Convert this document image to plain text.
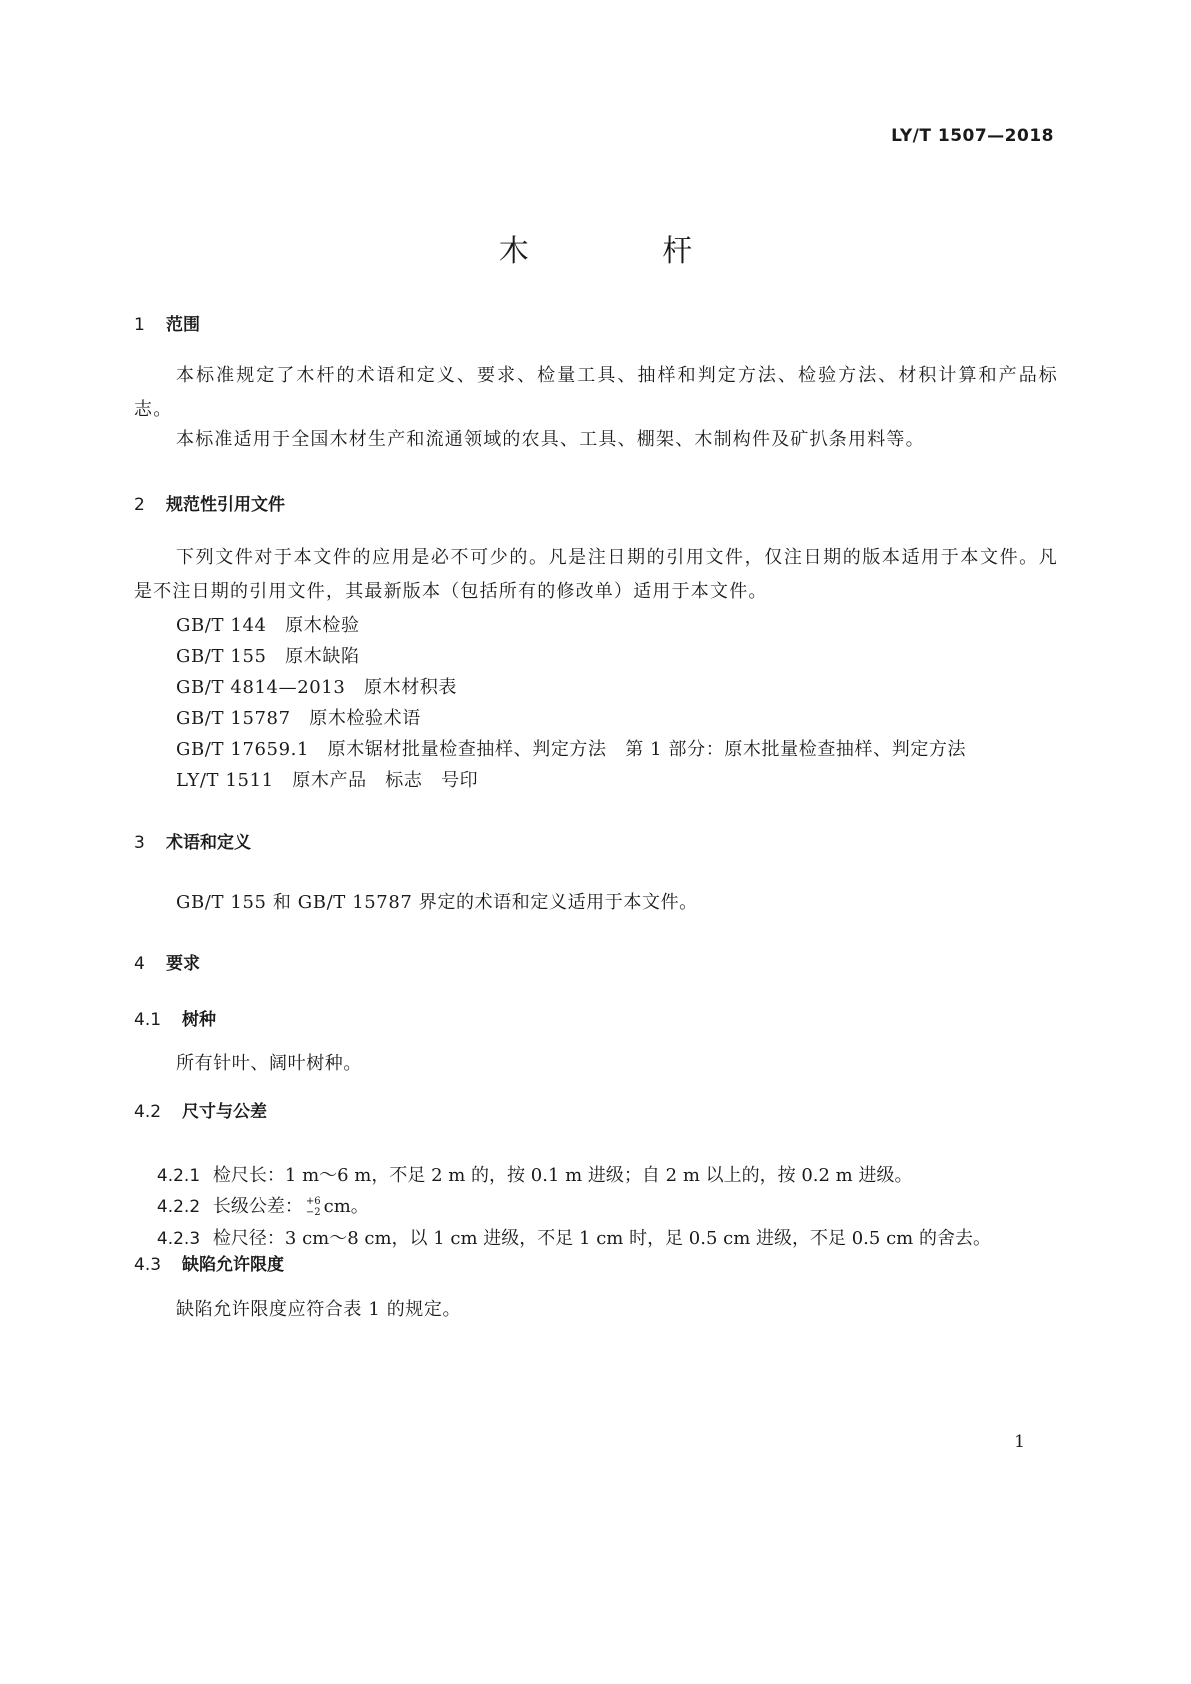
LY/T 1507—2018
木 杆
1 范围
本标准规定了木杆的术语和定义、要求、检量工具、抽样和判定方法、检验方法、材积计算和产品标志。
本标准适用于全国木材生产和流通领域的农具、工具、棚架、木制构件及矿扒条用料等。
2 规范性引用文件
下列文件对于本文件的应用是必不可少的。凡是注日期的引用文件，仅注日期的版本适用于本文件。凡是不注日期的引用文件，其最新版本（包括所有的修改单）适用于本文件。
GB/T 144　原木检验
GB/T 155　原木缺陷
GB/T 4814—2013　原木材积表
GB/T 15787　原木检验术语
GB/T 17659.1　原木锯材批量检查抽样、判定方法　第 1 部分：原木批量检查抽样、判定方法
LY/T 1511　原木产品　标志　号印
3 术语和定义
GB/T 155 和 GB/T 15787 界定的术语和定义适用于本文件。
4 要求
4.1 树种
所有针叶、阔叶树种。
4.2 尺寸与公差

4.2.1 检尺长：1 m～6 m，不足 2 m 的，按 0.1 m 进级；自 2 m 以上的，按 0.2 m 进级。

4.2.2 长级公差： +6
−2 cm。

4.2.3 检尺径：3 cm～8 cm，以 1 cm 进级，不足 1 cm 时，足 0.5 cm 进级，不足 0.5 cm 的舍去。

4.3 缺陷允许限度
缺陷允许限度应符合表 1 的规定。
1
